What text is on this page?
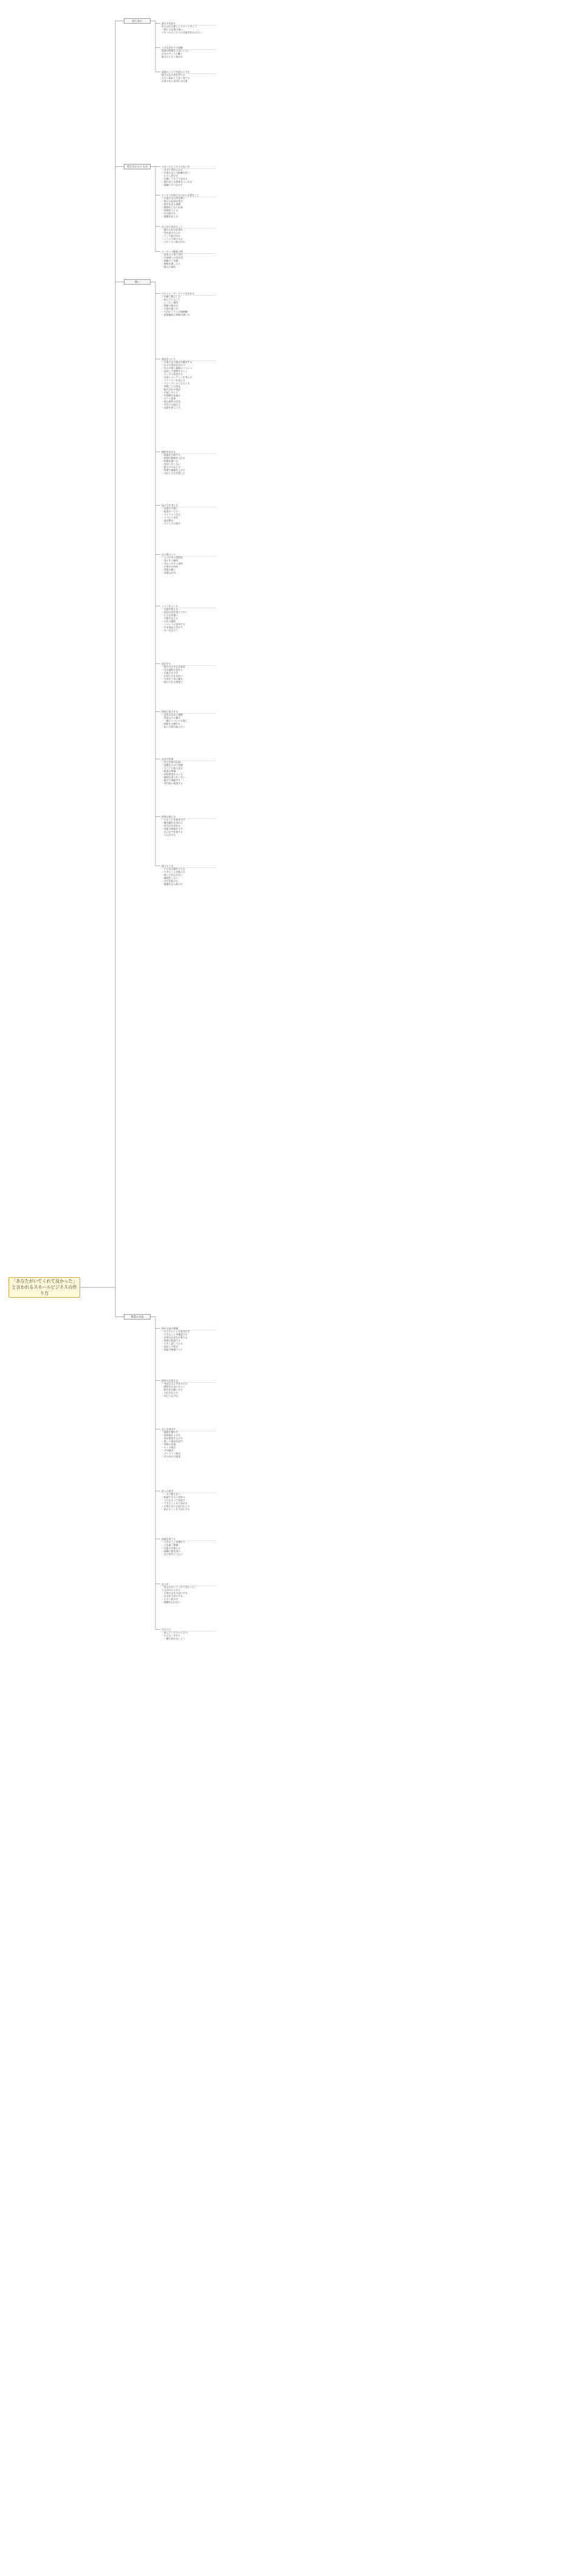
「あなたがいてくれて良かった」と言われるスモールビジネスの作り方
はじめに
読み手を絞る
ありふれた新しいスタートアップ
一般と大企業の違い
スモールビジネスの可能性を伝えたい
大きな会社での経験
家族の時間を大切にしたい
自分のペースで働く
地元で小さく始める
起業のリスクを最小にする
続けられる形を考える
小さく始めて大きく育てる
お客さまに喜ばれる仕事
考え方のつくり方	スモールビジネスの良い点
・自分で決められる
・お客さまとの距離が近い
・小さく試せる
・失敗しても立て直せる
・顔の見える関係をつくれる
・地域とのつながり
ビジネスを続けるために必要なこと
・お客さまの声を聞く
・毎日の記録を残す
・数字を見る習慣
・無理をしない計画
・仲間をつくる
・学び続ける
・感謝を伝える
はじめに決めること
・誰のための仕事か
・何を届けたいか
・どこで届けるか
・いくらで届けるか
・どれくらい続けるか
ターゲット顧客の例
・近所の子育て世代
・仕事帰りの会社員
・高齢のご夫婦
・趣味を楽しむ人
・地元の商店
商い
ペルソナ・ターゲットを決める
・年齢と暮らし方
・困っていること
・よく行く場所
・情報の集め方
・お金の使い方
・大切にしている価値観
・家族構成と時間の使い方
商品をつくる
・お客さまの悩みを解決する
・自分の得意を活かす
・作る手間と価格のバランス
・試作して感想をもらう
・少しずつ改良する
・名前とパッケージを考える
・ストーリーを添える
・リピートしたくなる工夫
・季節ごとの変化
・組み合わせ商品
・お試しサイズ
・定期便の仕組み
・ギフト需要
・地元素材の活用
・手作りの温かさ
・品質を保つ工夫
価格を決める
・原価を計算する
・時間の価値を入れる
・相場を調べる
・安売りをしない
・値上げの伝え方
・特典で価値を上げる
・支払い方法を整える
届け方を考える
・店頭で手渡し
・配達サービス
・オンライン注文
・イベント出店
・委託販売
・口コミでの紹介
売り場づくり
・入りやすい雰囲気
・見やすい陳列
・分かりやすい説明
・手書きのPOP
・季節の飾り
・清潔な店内
ファンをつくる
・名前を覚える
・前回の話を覚えておく
・小さな気遣い
・手紙を添える
・お礼の連絡
・イベントに招待する
・声を商品に活かす
・長く付き合う
発信する
・毎日の小さな出来事
・作る過程を見せる
・お客さまの声
・お知らせを早めに
・写真を丁寧に撮る
・続けられる頻度で
仲間と協力する
・近所のお店と連携
・得意な人に頼る
・一緒にイベントを開く
・情報を交換する
・困った時に助け合う
お金の管理
・売上を毎日記録
・経費を分けて管理
・月ごとに振り返る
・税金の準備
・余裕資金をつくる
・無理な借入をしない
・数字で判断する
・専門家に相談する
時間の使い方
・やることを書き出す
・優先順位を決める
・休む日を決める
・家族の時間を守る
・まとめて作業する
・人に任せる
続ける工夫
・小さな目標を立てる
・できたことを数える
・楽しさを忘れない
・無理をしない
・学びを続ける
・感謝を伝え続ける
事業の方法
始める前の準備
・やりたいことを書き出す
・できることを確認する
・必要なお金を計算する
・家族に相談する
・小さく試してみる
・届出と手続き
・開業の準備リスト
最初のお客さま
・身近な人に声をかける
・感想を正直にもらう
・紹介をお願いする
・お礼を伝える
・次につなげる
売上を伸ばす
・客数を増やす
・客単価を上げる
・来店頻度を上げる
・新しい商品を試す
・季節の企画
・セット販売
・予約販売
・オンライン販売
・法人向けの提案
困った時は
・一人で抱えない
・相談できる人を持つ
・立ち止まって見直す
・できることから始める
・お客さまに正直に伝える
・続けることを大切にする
事業を育てる
・できることを増やす
・人を雇う準備
・仕組みを整える
・地域に根を張る
・次の世代へつなぐ
まとめ
「あなたがいてくれて良かった」
と言われるために
・お客さまを大切にする
・自分を大切にする
・小さく続ける
・感謝を忘れない
おわりに
・読んでくださった方へ
・小さな一歩から
・一緒に始めましょう
